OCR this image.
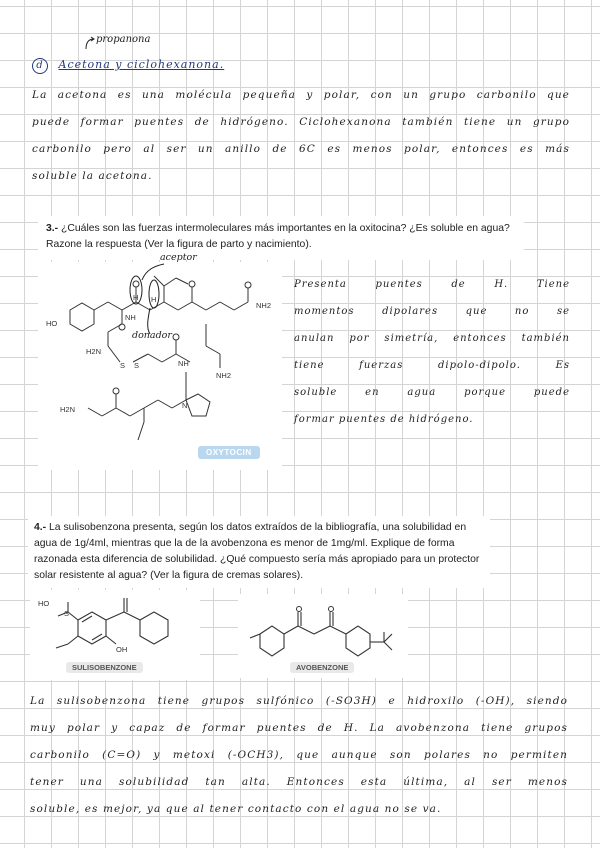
propanona
d Acetona y ciclohexanona.
La acetona es una molécula pequeña y polar, con un grupo carbonilo que
puede formar puentes de hidrógeno. Ciclohexanona también tiene un grupo
carbonilo pero al ser un anillo de 6C es menos polar, entonces es más
soluble la acetona.
3.- ¿Cuáles son las fuerzas intermoleculares más importantes en la oxitocina? ¿Es soluble en agua? Razone la respuesta (Ver la figura de parto y nacimiento).
HO
NH2
NH
H2N
S S	NH
NH2
H2N	N
H H
aceptor
donador
OXYTOCIN
Presenta puentes de H. Tiene
momentos dipolares que no se
anulan por simetría, entonces también
tiene fuerzas dipolo-dipolo. Es
soluble en agua porque puede
formar puentes de hidrógeno.
4.- La sulisobenzona presenta, según los datos extraídos de la bibliografía, una solubilidad en agua de 1g/4ml, mientras que la de la avobenzona es menor de 1mg/ml. Explique de forma razonada esta diferencia de solubilidad. ¿Qué compuesto sería más apropiado para un protector solar resistente al agua? (Ver la figura de cremas solares).
HO
S
OH
SULISOBENZONE	AVOBENZONE
La sulisobenzona tiene grupos sulfónico (-SO3H) e hidroxilo (-OH), siendo
muy polar y capaz de formar puentes de H. La avobenzona tiene grupos
carbonilo (C=O) y metoxi (-OCH3), que aunque son polares no permiten
tener una solubilidad tan alta. Entonces esta última, al ser menos
soluble, es mejor, ya que al tener contacto con el agua no se va.
